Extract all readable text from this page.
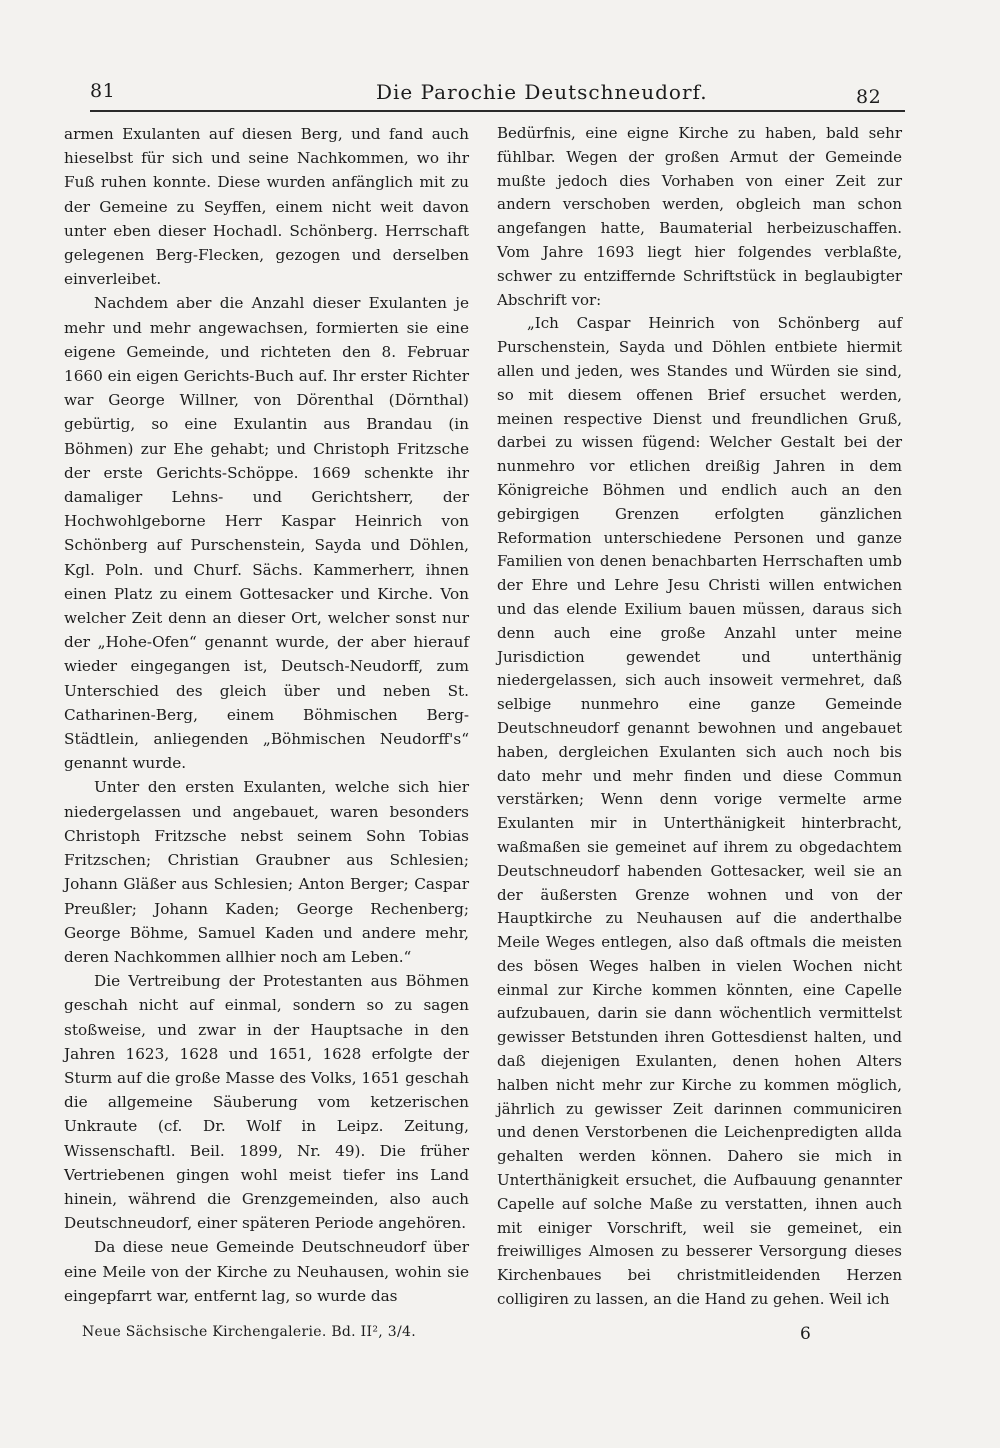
81	Die Parochie Deutschneudorf.	82

armen Exulanten auf diesen Berg, und fand auch hieselbst für sich und seine Nachkommen, wo ihr Fuß ruhen konnte. Diese wurden anfänglich mit zu der Gemeine zu Seyffen, einem nicht weit davon unter eben dieser Hochadl. Schönberg. Herrschaft gelegenen Berg-Flecken, gezogen und derselben einverleibet.

Nachdem aber die Anzahl dieser Exulanten je mehr und mehr angewachsen, formierten sie eine eigene Gemeinde, und richteten den 8. Februar 1660 ein eigen Gerichts-Buch auf. Ihr erster Richter war George Willner, von Dörenthal (Dörnthal) gebürtig, so eine Exulantin aus Brandau (in Böhmen) zur Ehe gehabt; und Christoph Fritzsche der erste Gerichts-Schöppe. 1669 schenkte ihr damaliger Lehns- und Gerichtsherr, der Hochwohlgeborne Herr Kaspar Heinrich von Schönberg auf Purschenstein, Sayda und Döhlen, Kgl. Poln. und Churf. Sächs. Kammerherr, ihnen einen Platz zu einem Gottesacker und Kirche. Von welcher Zeit denn an dieser Ort, welcher sonst nur der „Hohe-Ofen“ genannt wurde, der aber hierauf wieder eingegangen ist, Deutsch-Neudorff, zum Unterschied des gleich über und neben St. Catharinen-Berg, einem Böhmischen Berg-Städtlein, anliegenden „Böhmischen Neudorff's“ genannt wurde.

Unter den ersten Exulanten, welche sich hier niedergelassen und angebauet, waren besonders Christoph Fritzsche nebst seinem Sohn Tobias Fritzschen; Christian Graubner aus Schlesien; Johann Gläßer aus Schlesien; Anton Berger; Caspar Preußler; Johann Kaden; George Rechenberg; George Böhme, Samuel Kaden und andere mehr, deren Nachkommen allhier noch am Leben.“

Die Vertreibung der Protestanten aus Böhmen geschah nicht auf einmal, sondern so zu sagen stoßweise, und zwar in der Hauptsache in den Jahren 1623, 1628 und 1651, 1628 erfolgte der Sturm auf die große Masse des Volks, 1651 geschah die allgemeine Säuberung vom ketzerischen Unkraute (cf. Dr. Wolf in Leipz. Zeitung, Wissenschaftl. Beil. 1899, Nr. 49). Die früher Vertriebenen gingen wohl meist tiefer ins Land hinein, während die Grenzgemeinden, also auch Deutschneudorf, einer späteren Periode angehören.

Da diese neue Gemeinde Deutschneudorf über eine Meile von der Kirche zu Neuhausen, wohin sie eingepfarrt war, entfernt lag, so wurde das

Bedürfnis, eine eigne Kirche zu haben, bald sehr fühlbar. Wegen der großen Armut der Gemeinde mußte jedoch dies Vorhaben von einer Zeit zur andern verschoben werden, obgleich man schon angefangen hatte, Baumaterial herbeizuschaffen. Vom Jahre 1693 liegt hier folgendes verblaßte, schwer zu entziffernde Schriftstück in beglaubigter Abschrift vor:

„Ich Caspar Heinrich von Schönberg auf Purschenstein, Sayda und Döhlen entbiete hiermit allen und jeden, wes Standes und Würden sie sind, so mit diesem offenen Brief ersuchet werden, meinen respective Dienst und freundlichen Gruß, darbei zu wissen fügend: Welcher Gestalt bei der nunmehro vor etlichen dreißig Jahren in dem Königreiche Böhmen und endlich auch an den gebirgigen Grenzen erfolgten gänzlichen Reformation unterschiedene Personen und ganze Familien von denen benachbarten Herrschaften umb der Ehre und Lehre Jesu Christi willen entwichen und das elende Exilium bauen müssen, daraus sich denn auch eine große Anzahl unter meine Jurisdiction gewendet und unterthänig niedergelassen, sich auch insoweit vermehret, daß selbige nunmehro eine ganze Gemeinde Deutschneudorf genannt bewohnen und angebauet haben, dergleichen Exulanten sich auch noch bis dato mehr und mehr finden und diese Commun verstärken; Wenn denn vorige vermelte arme Exulanten mir in Unterthänigkeit hinterbracht, waßmaßen sie gemeinet auf ihrem zu obgedachtem Deutschneudorf habenden Gottesacker, weil sie an der äußersten Grenze wohnen und von der Hauptkirche zu Neuhausen auf die anderthalbe Meile Weges entlegen, also daß oftmals die meisten des bösen Weges halben in vielen Wochen nicht einmal zur Kirche kommen könnten, eine Capelle aufzubauen, darin sie dann wöchentlich vermittelst gewisser Betstunden ihren Gottesdienst halten, und daß diejenigen Exulanten, denen hohen Alters halben nicht mehr zur Kirche zu kommen möglich, jährlich zu gewisser Zeit darinnen communiciren und denen Verstorbenen die Leichenpredigten allda gehalten werden können. Dahero sie mich in Unterthänigkeit ersuchet, die Aufbauung genannter Capelle auf solche Maße zu verstatten, ihnen auch mit einiger Vorschrift, weil sie gemeinet, ein freiwilliges Almosen zu besserer Versorgung dieses Kirchenbaues bei christmitleidenden Herzen colligiren zu lassen, an die Hand zu gehen. Weil ich

Neue Sächsische Kirchengalerie. Bd. II², 3/4.	6
